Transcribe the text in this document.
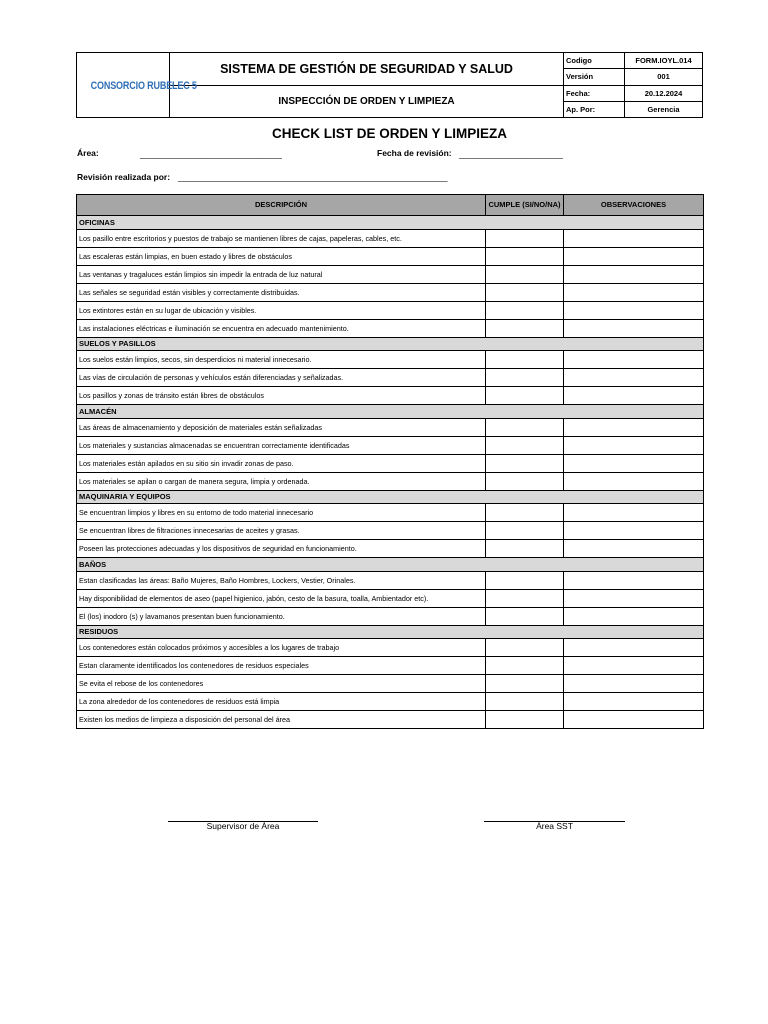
CONSORCIO RUBELEC 5	SISTEMA DE GESTIÓN DE SEGURIDAD Y SALUD	Codigo	FORM.IOYL.014
		Versión	001
	INSPECCIÓN DE ORDEN Y LIMPIEZA	Fecha:	20.12.2024
		Ap. Por:	Gerencia
CHECK LIST DE ORDEN Y LIMPIEZA
Área:	______________________________	Fecha de revisión: ______________________
Revisión realizada por: _________________________________________________________
DESCRIPCIÓN	CUMPLE (SI/NO/NA)	OBSERVACIONES
OFICINAS		
Los pasillo entre escritorios y puestos de trabajo se mantienen libres de cajas, papeleras, cables, etc.		
Las escaleras están limpias, en buen estado y libres de obstáculos		
Las ventanas y tragaluces están limpios sin impedir la entrada de luz natural		
Las señales se seguridad están visibles y correctamente distribuidas.		
Los extintores están en su lugar de ubicación y visibles.		
Las instalaciones eléctricas e iluminación se encuentra en adecuado mantenimiento.		
SUELOS Y PASILLOS		
Los suelos están limpios, secos, sin desperdicios ni material innecesario.		
Las vías de circulación de personas y vehículos están diferenciadas y señalizadas.		
Los pasillos y zonas de tránsito están libres de obstáculos		
ALMACÉN		
Las áreas de almacenamiento y deposición de materiales están señalizadas		
Los materiales y sustancias almacenadas se encuentran correctamente identificadas		
Los materiales están apilados en su sitio sin invadir zonas de paso.		
Los materiales se apilan o cargan de manera segura, limpia y ordenada.		
MAQUINARIA Y EQUIPOS		
Se encuentran limpios y libres en su entorno de todo material innecesario		
Se encuentran libres de filtraciones innecesarias de aceites y grasas.		
Poseen las protecciones adecuadas y los dispositivos de seguridad en funcionamiento.		
BAÑOS		
Estan clasificadas las áreas: Baño Mujeres, Baño Hombres, Lockers, Vestier, Orinales.		
Hay disponibilidad de elementos de aseo (papel higienico, jabón, cesto de la basura, toalla, Ambientador etc).		
El (los) inodoro (s) y lavamanos presentan buen funcionamiento.		
RESIDUOS		
Los contenedores están colocados próximos y accesibles a los lugares de trabajo		
Estan claramente identificados los contenedores de residuos especiales		
Se evita el rebose de los contenedores		
La zona alrededor de los contenedores de residuos está limpia		
Existen los medios de limpieza a disposición del personal del área		
Supervisor de Área	Área SST
